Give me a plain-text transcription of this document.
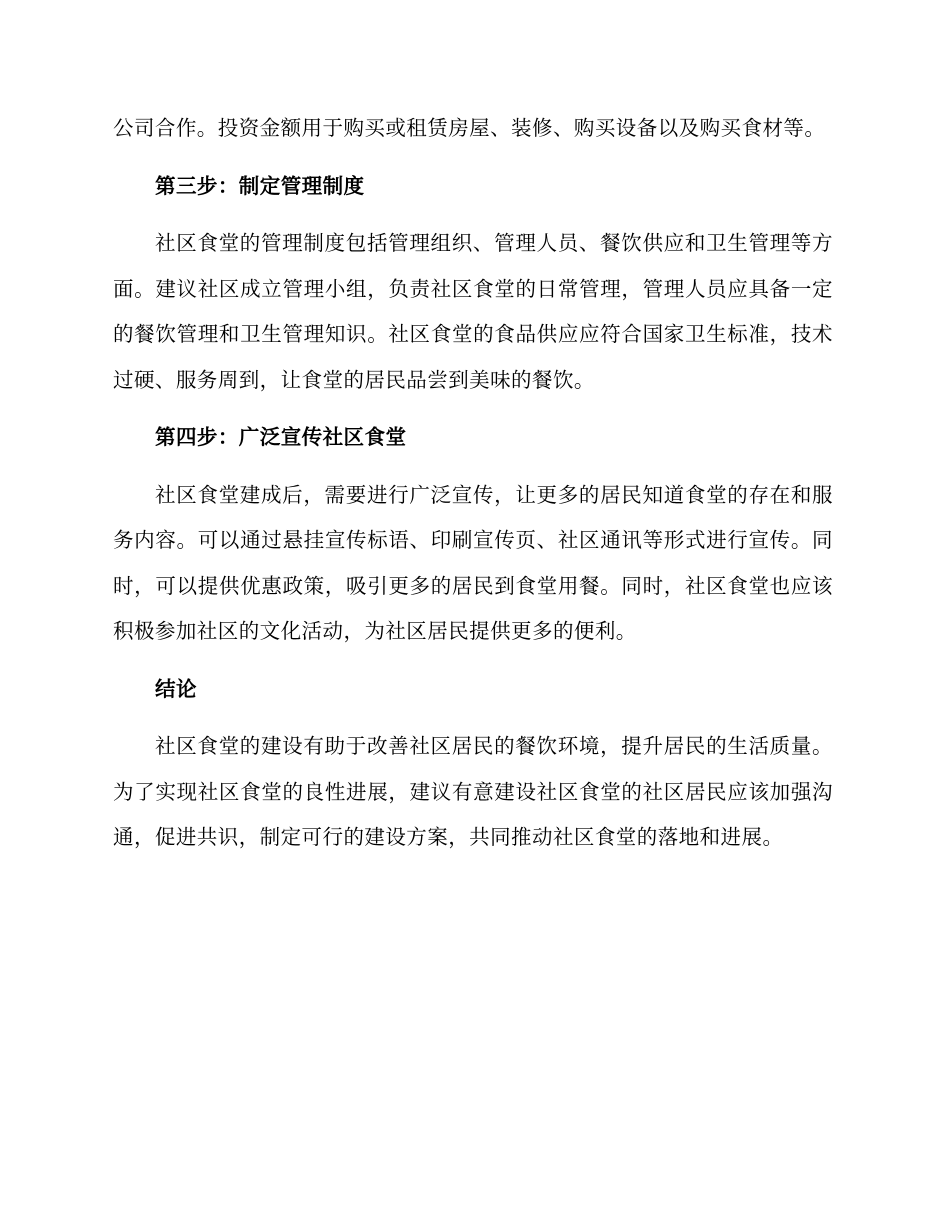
公司合作。投资金额用于购买或租赁房屋、装修、购买设备以及购买食材等。

第三步：制定管理制度

社区食堂的管理制度包括管理组织、管理人员、餐饮供应和卫生管理等方面。建议社区成立管理小组，负责社区食堂的日常管理，管理人员应具备一定的餐饮管理和卫生管理知识。社区食堂的食品供应应符合国家卫生标准，技术过硬、服务周到，让食堂的居民品尝到美味的餐饮。

第四步：广泛宣传社区食堂

社区食堂建成后，需要进行广泛宣传，让更多的居民知道食堂的存在和服务内容。可以通过悬挂宣传标语、印刷宣传页、社区通讯等形式进行宣传。同时，可以提供优惠政策，吸引更多的居民到食堂用餐。同时，社区食堂也应该积极参加社区的文化活动，为社区居民提供更多的便利。

结论

社区食堂的建设有助于改善社区居民的餐饮环境，提升居民的生活质量。为了实现社区食堂的良性进展，建议有意建设社区食堂的社区居民应该加强沟通，促进共识，制定可行的建设方案，共同推动社区食堂的落地和进展。
